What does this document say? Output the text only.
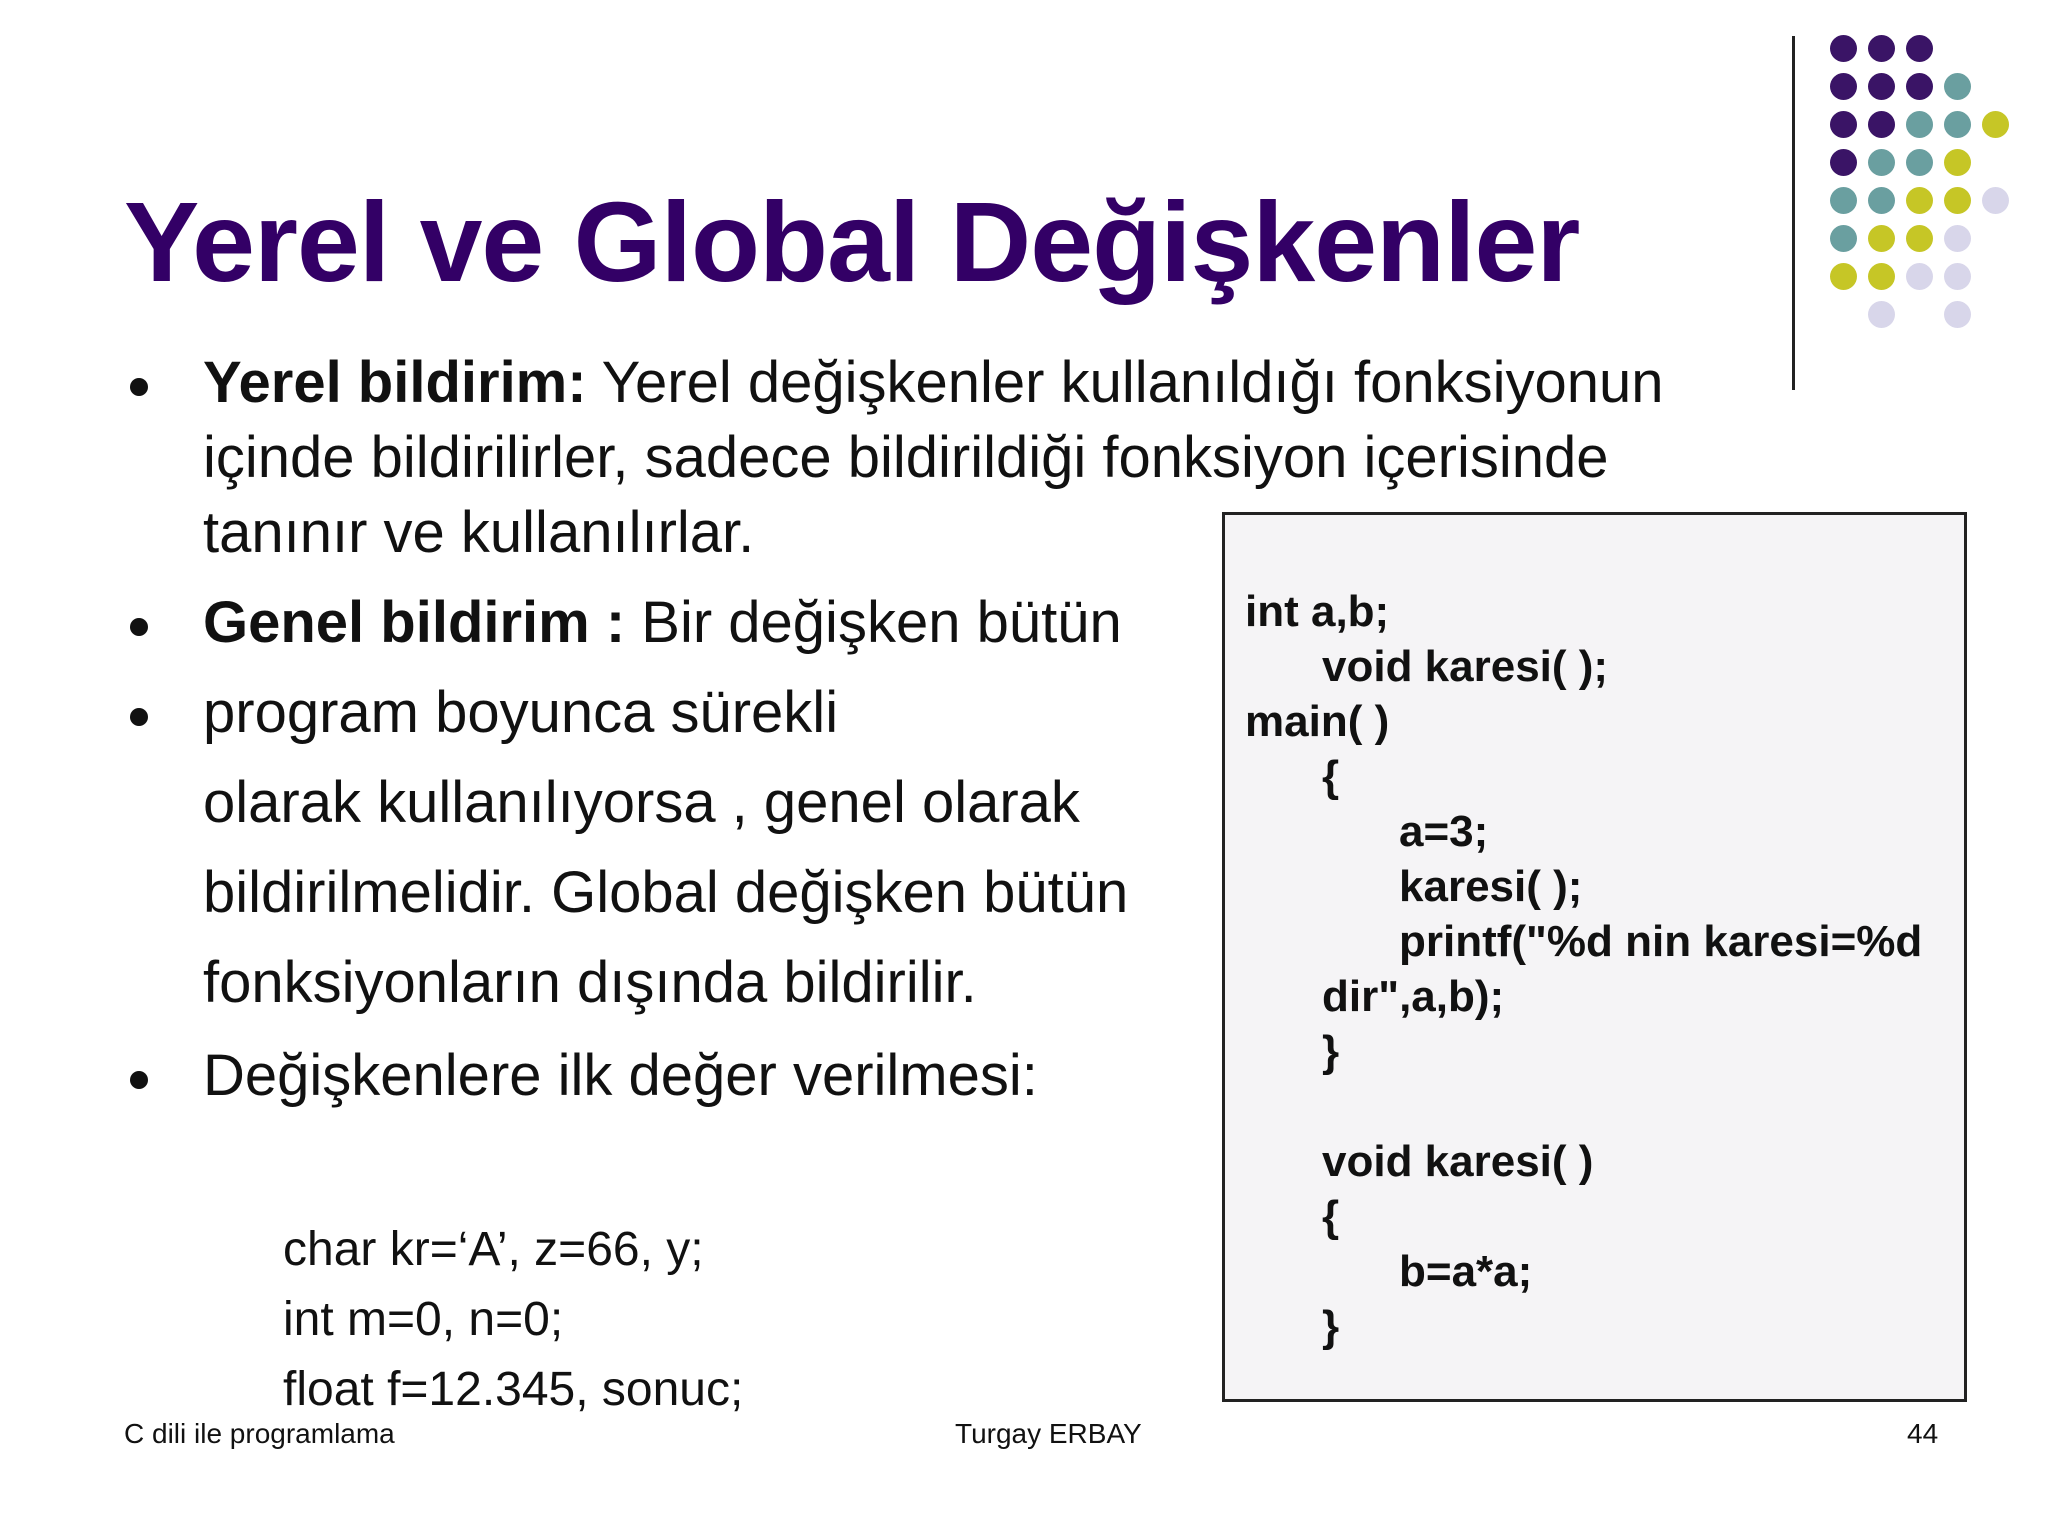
Yerel ve Global Değişkenler
Yerel bildirim: Yerel değişkenler kullanıldığı fonksiyonun
içinde bildirilirler, sadece bildirildiği fonksiyon içerisinde
tanınır ve kullanılırlar.
Genel bildirim : Bir değişken bütün
program boyunca sürekli
olarak kullanılıyorsa , genel olarak
bildirilmelidir. Global değişken bütün
fonksiyonların dışında bildirilir.
Değişkenlere ilk değer verilmesi:
char kr=‘A’, z=66, y;
int m=0, n=0;
float f=12.345, sonuc;
int a,b;
void karesi( );
main( )
{
a=3;
karesi( );
printf("%d nin karesi=%d
dir",a,b);
}
void karesi( )
{
b=a*a;
}
C dili ile programlama	Turgay ERBAY	44
